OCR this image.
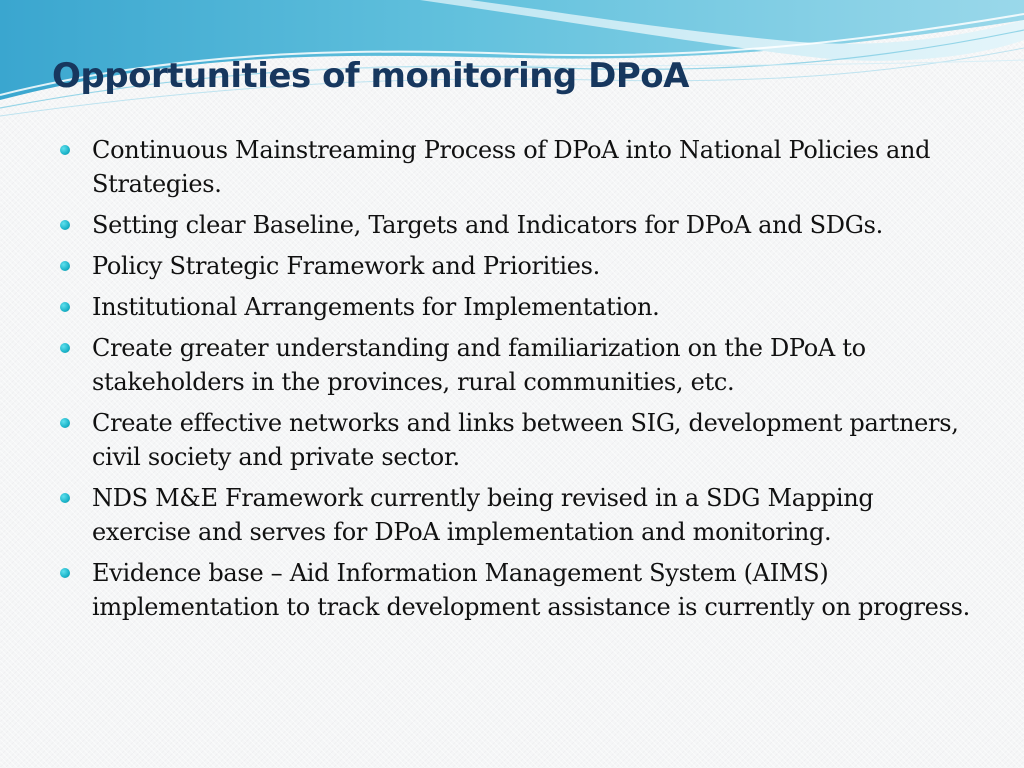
Opportunities of monitoring DPoA
Continuous Mainstreaming Process of DPoA into National Policies and Strategies.
Setting clear Baseline, Targets and Indicators for DPoA and SDGs.
Policy Strategic Framework and Priorities.
Institutional Arrangements for Implementation.
Create greater understanding and familiarization on the DPoA to stakeholders in the provinces, rural communities, etc.
Create effective networks and links between SIG, development partners, civil society and private sector.
NDS M&E Framework currently being revised in a SDG Mapping exercise and serves for DPoA implementation and monitoring.
Evidence base – Aid Information Management System (AIMS) implementation to track development assistance is currently on progress.
